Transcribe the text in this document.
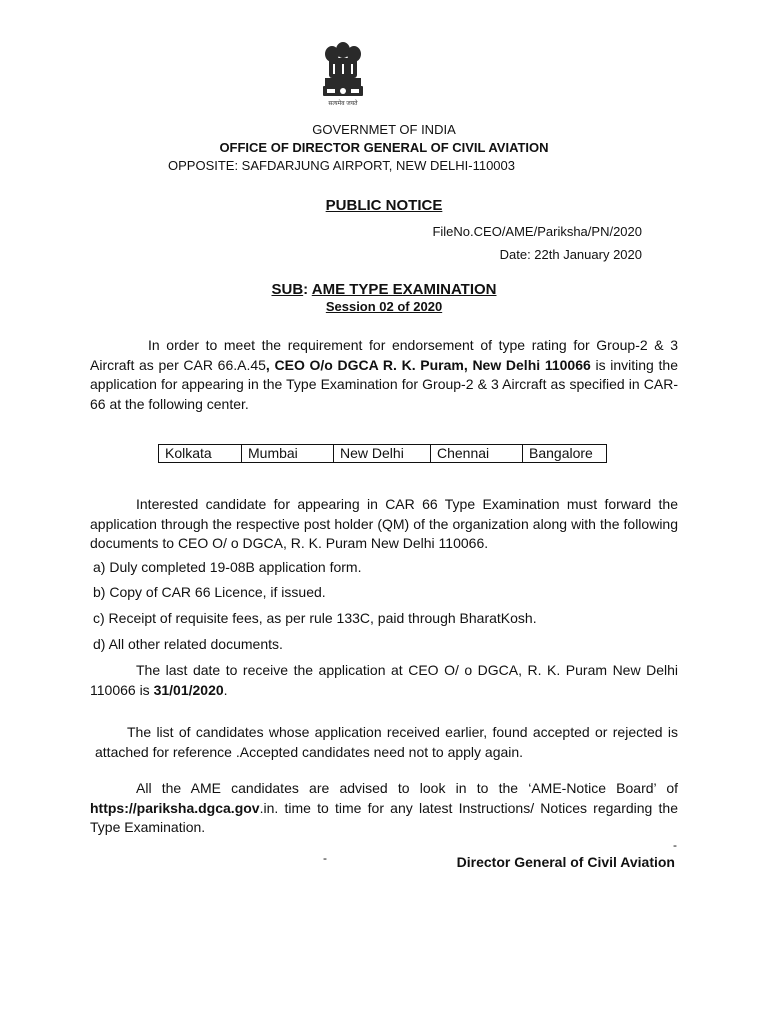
सत्यमेव जयते
GOVERNMET OF INDIA
OFFICE OF DIRECTOR GENERAL OF CIVIL AVIATION
OPPOSITE: SAFDARJUNG AIRPORT, NEW DELHI-110003
PUBLIC NOTICE
FileNo.CEO/AME/Pariksha/PN/2020
Date: 22th January 2020
SUB: AME TYPE EXAMINATION
Session 02 of 2020
In order to meet the requirement for endorsement of type rating for Group-2 & 3 Aircraft as per CAR 66.A.45, CEO O/o DGCA R. K. Puram, New Delhi 110066 is inviting the application for appearing in the Type Examination for Group-2 & 3 Aircraft as specified in CAR-66 at the following center.
Kolkata	Mumbai	New Delhi	Chennai	Bangalore
Interested candidate for appearing in CAR 66 Type Examination must forward the application through the respective post holder (QM) of the organization along with the following documents to CEO O/ o DGCA, R. K. Puram New Delhi 110066.
a) Duly completed 19-08B application form.
b) Copy of CAR 66 Licence, if issued.
c) Receipt of requisite fees, as per rule 133C, paid through BharatKosh.
d) All other related documents.
The last date to receive the application at CEO O/ o DGCA, R. K. Puram New Delhi 110066 is 31/01/2020.
The list of candidates whose application received earlier, found accepted or rejected is attached for reference .Accepted candidates need not to apply again.
All the AME candidates are advised to look in to the ‘AME-Notice Board’ of https://pariksha.dgca.gov.in. time to time for any latest Instructions/ Notices regarding the Type Examination.
-
-
Director General of Civil Aviation
